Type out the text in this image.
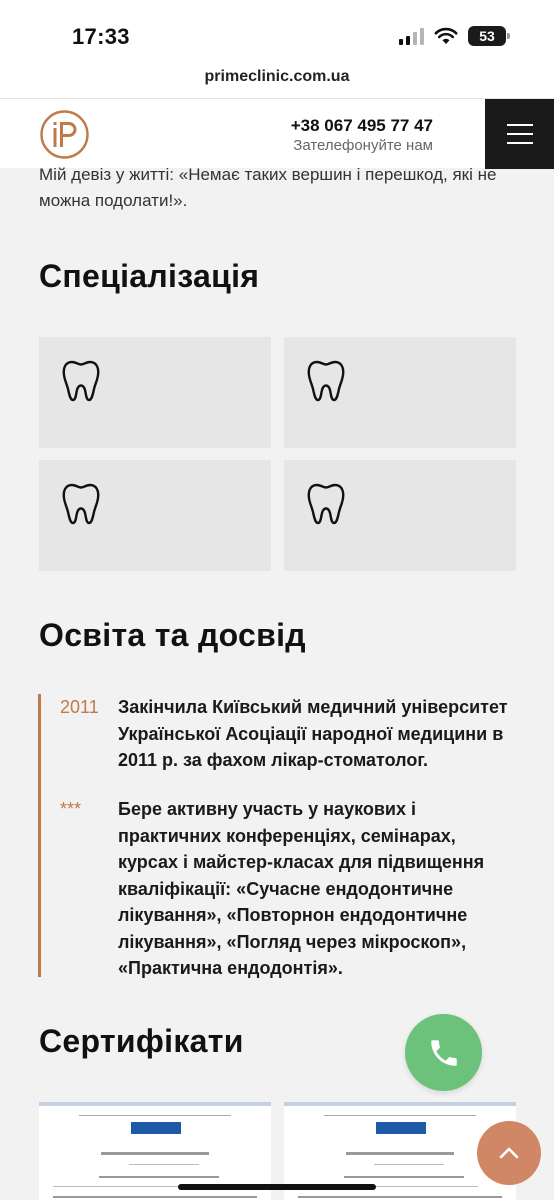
17:33	53
primeclinic.com.ua
+38 067 495 77 47
Зателефонуйте нам

Мій девіз у житті: «Немає таких вершин і перешкод, які не можна подолати!».

Спеціалізація
Освіта та досвід
2011 Закінчила Київський медичний університет Української Асоціації народної медицини в 2011 р. за фахом лікар-стоматолог.

*** Бере активну участь у наукових і практичних конференціях, семінарах, курсах і майстер-класах для підвищення кваліфікації: «Сучасне ендодонтичне лікування», «Повторнон ендодонтичне лікування», «Погляд через мікроскоп», «Практична ендодонтія».

Сертифікати
